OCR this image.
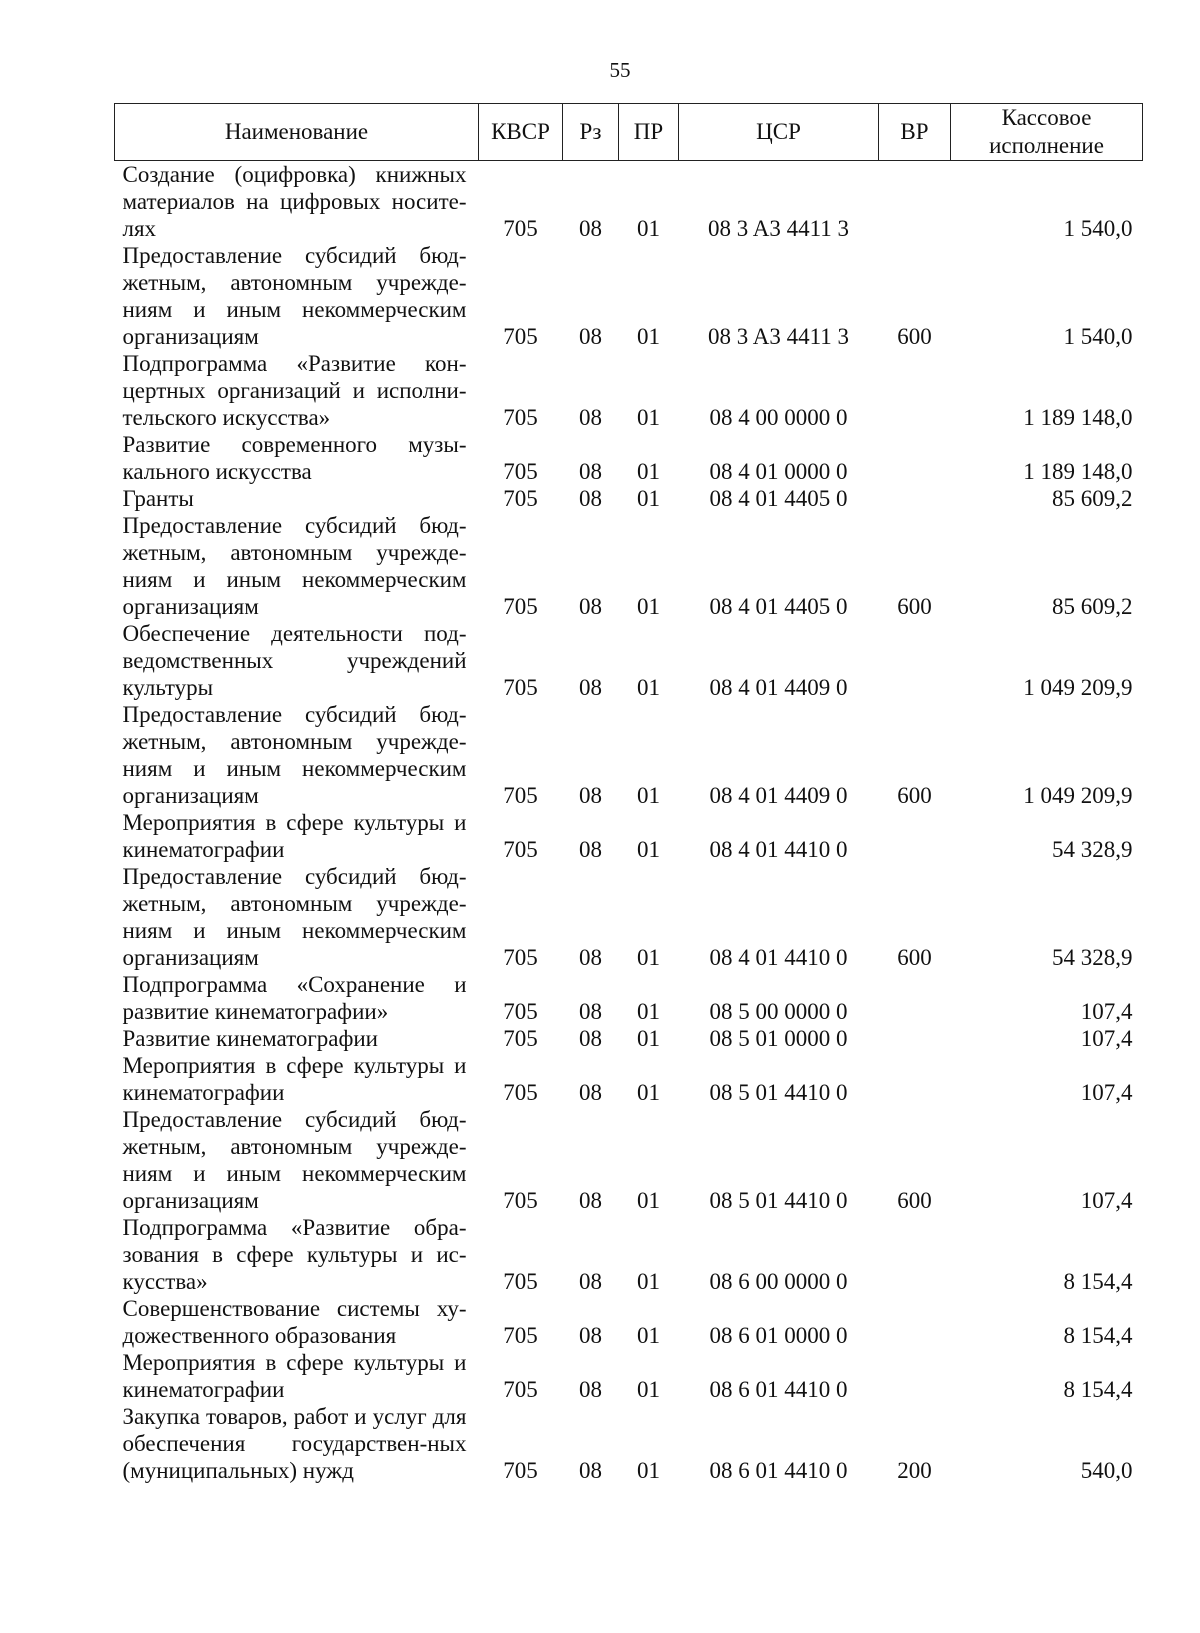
55
Наименование	КВСР	Рз	ПР	ЦСР	ВР	Кассовое исполнение
Создание (оцифровка) книжных материалов на цифровых носите-лях	705	08	01	08 3 A3 4411 3		1 540,0
Предоставление субсидий бюд-жетным, автономным учрежде-ниям и иным некоммерческим организациям	705	08	01	08 3 A3 4411 3	600	1 540,0
Подпрограмма «Развитие кон-цертных организаций и исполни-тельского искусства»	705	08	01	08 4 00 0000 0		1 189 148,0
Развитие современного музы-кального искусства	705	08	01	08 4 01 0000 0		1 189 148,0
Гранты	705	08	01	08 4 01 4405 0		85 609,2
Предоставление субсидий бюд-жетным, автономным учрежде-ниям и иным некоммерческим организациям	705	08	01	08 4 01 4405 0	600	85 609,2
Обеспечение деятельности под-ведомственных учреждений культуры	705	08	01	08 4 01 4409 0		1 049 209,9
Предоставление субсидий бюд-жетным, автономным учрежде-ниям и иным некоммерческим организациям	705	08	01	08 4 01 4409 0	600	1 049 209,9
Мероприятия в сфере культуры и кинематографии	705	08	01	08 4 01 4410 0		54 328,9
Предоставление субсидий бюд-жетным, автономным учрежде-ниям и иным некоммерческим организациям	705	08	01	08 4 01 4410 0	600	54 328,9
Подпрограмма «Сохранение и развитие кинематографии»	705	08	01	08 5 00 0000 0		107,4
Развитие кинематографии	705	08	01	08 5 01 0000 0		107,4
Мероприятия в сфере культуры и кинематографии	705	08	01	08 5 01 4410 0		107,4
Предоставление субсидий бюд-жетным, автономным учрежде-ниям и иным некоммерческим организациям	705	08	01	08 5 01 4410 0	600	107,4
Подпрограмма «Развитие обра-зования в сфере культуры и ис-кусства»	705	08	01	08 6 00 0000 0		8 154,4
Совершенствование системы ху-дожественного образования	705	08	01	08 6 01 0000 0		8 154,4
Мероприятия в сфере культуры и кинематографии	705	08	01	08 6 01 4410 0		8 154,4
Закупка товаров, работ и услуг для обеспечения государствен-ных (муниципальных) нужд	705	08	01	08 6 01 4410 0	200	540,0
